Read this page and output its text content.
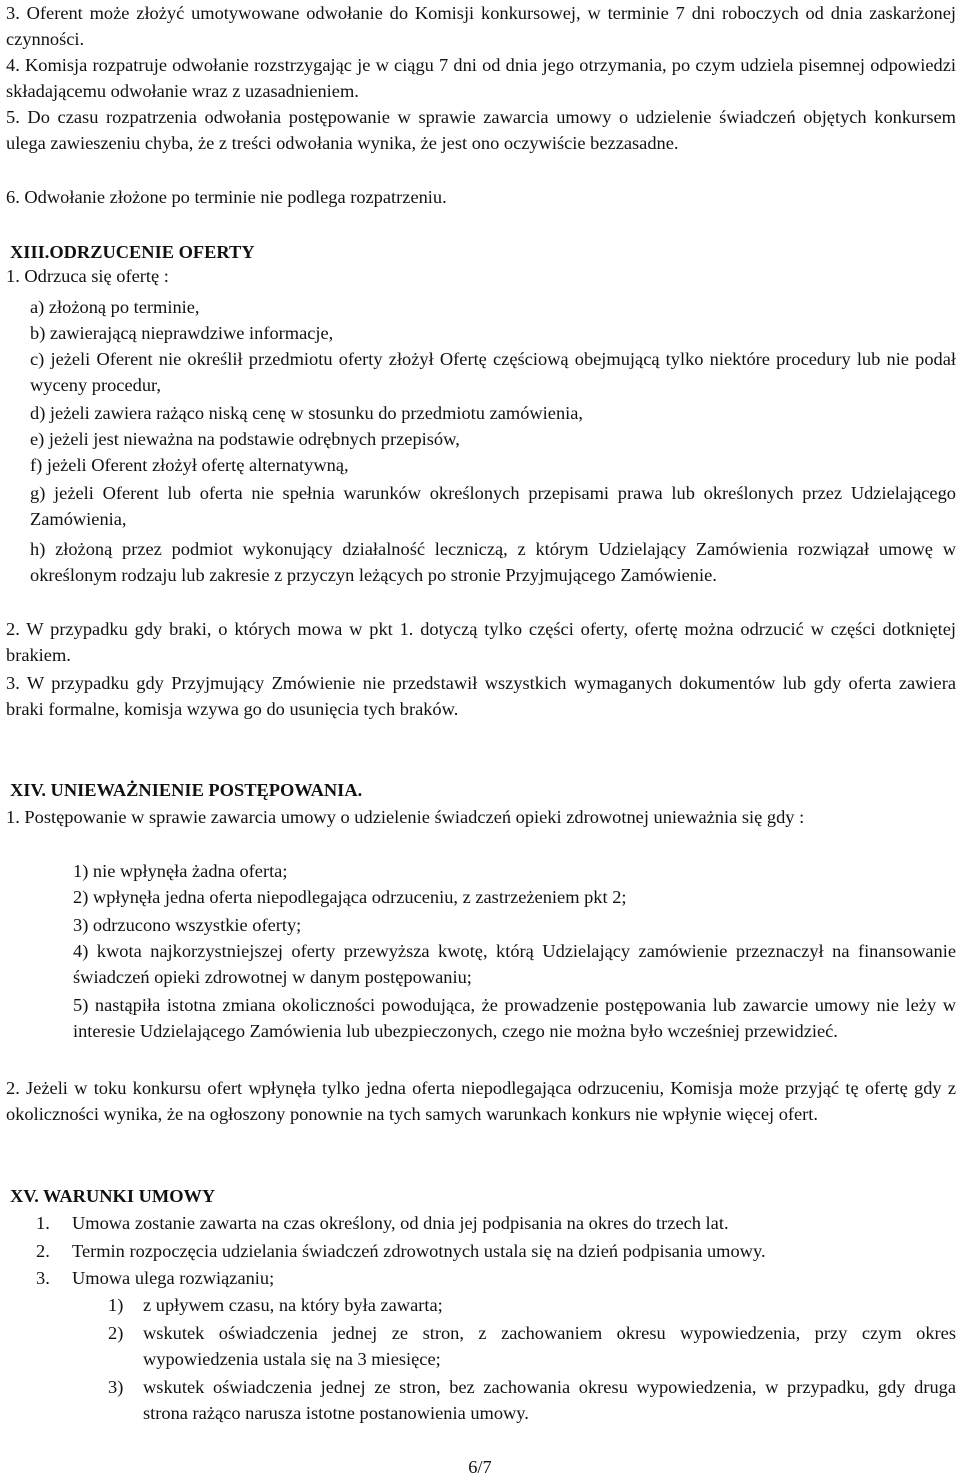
3. Oferent może złożyć umotywowane odwołanie do Komisji konkursowej, w terminie 7 dni roboczych od dnia zaskarżonej czynności.

4. Komisja rozpatruje odwołanie rozstrzygając je w ciągu 7 dni od dnia jego otrzymania, po czym udziela pisemnej odpowiedzi składającemu odwołanie wraz z uzasadnieniem.

5. Do czasu rozpatrzenia odwołania postępowanie w sprawie zawarcia umowy o udzielenie świadczeń objętych konkursem ulega zawieszeniu chyba, że z treści odwołania wynika, że jest ono oczywiście bezzasadne.

6. Odwołanie złożone po terminie nie podlega rozpatrzeniu.

XIII.ODRZUCENIE OFERTY

1. Odrzuca się ofertę :

a) złożoną po terminie,

b) zawierającą nieprawdziwe informacje,

c) jeżeli Oferent nie określił przedmiotu oferty złożył Ofertę częściową obejmującą tylko niektóre procedury lub nie podał wyceny procedur,

d) jeżeli zawiera rażąco niską cenę w stosunku do przedmiotu zamówienia,

e) jeżeli jest nieważna na podstawie odrębnych przepisów,

f) jeżeli Oferent złożył ofertę alternatywną,

g) jeżeli Oferent lub oferta nie spełnia warunków określonych przepisami prawa lub określonych przez Udzielającego Zamówienia,

h) złożoną przez podmiot wykonujący działalność leczniczą, z którym Udzielający Zamówienia rozwiązał umowę w określonym rodzaju lub zakresie z przyczyn leżących po stronie Przyjmującego Zamówienie.

2. W przypadku gdy braki, o których mowa w pkt 1. dotyczą tylko części oferty, ofertę można odrzucić w części dotkniętej brakiem.

3. W przypadku gdy Przyjmujący Zmówienie nie przedstawił wszystkich wymaganych dokumentów lub gdy oferta zawiera braki formalne, komisja wzywa go do usunięcia tych braków.

XIV. UNIEWAŻNIENIE POSTĘPOWANIA.

1. Postępowanie w sprawie zawarcia umowy o udzielenie świadczeń opieki zdrowotnej unieważnia się gdy :

1) nie wpłynęła żadna oferta;

2) wpłynęła jedna oferta niepodlegająca odrzuceniu, z zastrzeżeniem pkt 2;

3) odrzucono wszystkie oferty;

4) kwota najkorzystniejszej oferty przewyższa kwotę, którą Udzielający zamówienie przeznaczył na finansowanie świadczeń opieki zdrowotnej w danym postępowaniu;

5) nastąpiła istotna zmiana okoliczności powodująca, że prowadzenie postępowania lub zawarcie umowy nie leży w interesie Udzielającego Zamówienia lub ubezpieczonych, czego nie można było wcześniej przewidzieć.

2. Jeżeli w toku konkursu ofert wpłynęła tylko jedna oferta niepodlegająca odrzuceniu, Komisja może przyjąć tę ofertę gdy z okoliczności wynika, że na ogłoszony ponownie na tych samych warunkach konkurs nie wpłynie więcej ofert.

XV. WARUNKI UMOWY
1. Umowa zostanie zawarta na czas określony, od dnia jej podpisania na okres do trzech lat.
2. Termin rozpoczęcia udzielania świadczeń zdrowotnych ustala się na dzień podpisania umowy.
3. Umowa ulega rozwiązaniu;
1) z upływem czasu, na który była zawarta;
2) wskutek oświadczenia jednej ze stron, z zachowaniem okresu wypowiedzenia, przy czym okres wypowiedzenia ustala się na 3 miesięce;
3) wskutek oświadczenia jednej ze stron, bez zachowania okresu wypowiedzenia, w przypadku, gdy druga strona rażąco narusza istotne postanowienia umowy.
6/7
